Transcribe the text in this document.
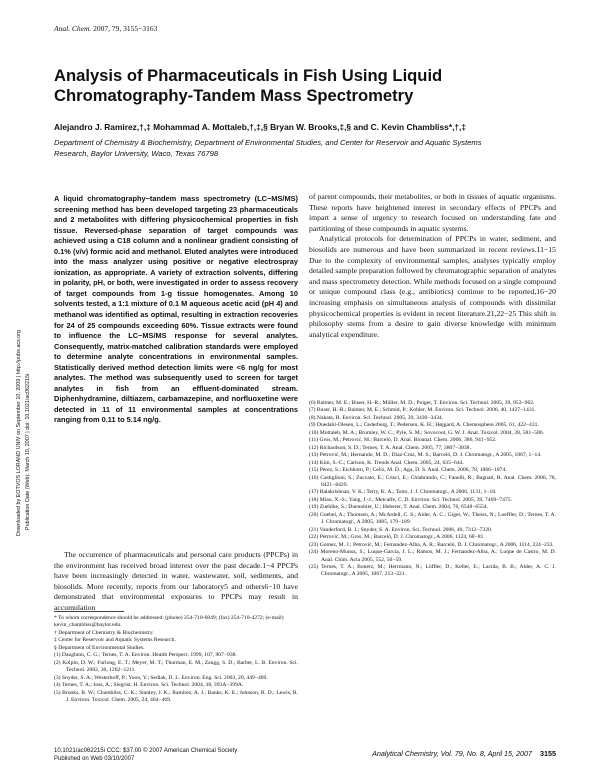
Anal. Chem. 2007, 79, 3155−3163
Analysis of Pharmaceuticals in Fish Using Liquid Chromatography-Tandem Mass Spectrometry
Alejandro J. Ramirez,†,‡ Mohammad A. Mottaleb,†,‡,§ Bryan W. Brooks,‡,§ and C. Kevin Chambliss*,†,‡
Department of Chemistry & Biochemistry, Department of Environmental Studies, and Center for Reservoir and Aquatic Systems Research, Baylor University, Waco, Texas 76798

A liquid chromatography−tandem mass spectrometry (LC−MS/MS) screening method has been developed targeting 23 pharmaceuticals and 2 metabolites with differing physicochemical properties in fish tissue. Reversed-phase separation of target compounds was achieved using a C18 column and a nonlinear gradient consisting of 0.1% (v/v) formic acid and methanol. Eluted analytes were introduced into the mass analyzer using positive or negative electrospray ionization, as appropriate. A variety of extraction solvents, differing in polarity, pH, or both, were investigated in order to assess recovery of target compounds from 1-g tissue homogenates. Among 10 solvents tested, a 1:1 mixture of 0.1 M aqueous acetic acid (pH 4) and methanol was identified as optimal, resulting in extraction recoveries for 24 of 25 compounds exceeding 60%. Tissue extracts were found to influence the LC−MS/MS response for several analytes. Consequently, matrix-matched calibration standards were employed to determine analyte concentrations in environmental samples. Statistically derived method detection limits were <6 ng/g for most analytes. The method was subsequently used to screen for target analytes in fish from an effluent-dominated stream. Diphenhydramine, diltiazem, carbamazepine, and norfluoxetine were detected in 11 of 11 environmental samples at concentrations ranging from 0.11 to 5.14 ng/g.

The occurrence of pharmaceuticals and personal care products (PPCPs) in the environment has received broad interest over the past decade.1−4 PPCPs have been increasingly detected in water, wastewater, soil, sediments, and biosolids. More recently, reports from our laboratory5 and others6−10 have demonstrated that environmental exposures to PPCPs may result in accumulation

* To whom correspondence should be addressed: (phone) 254-710-6849; (fax) 254-710-4272; (e-mail) kevin_chambliss@baylor.edu.

† Department of Chemistry & Biochemistry.

‡ Center for Reservoir and Aquatic Systems Research.

§ Department of Environmental Studies.

(1) Daughton, C. G.; Ternes, T. A. Environ. Health Perspect. 1999, 107, 907−938.
(2) Kolpin, D. W.; Furlong, E. T.; Meyer, M. T.; Thurman, E. M.; Zaugg, S. D.; Barber, L. B. Environ. Sci. Technol. 2002, 36, 1202−1211.
(3) Snyder, S. A.; Westerhoff, P.; Yoon, Y.; Sedlak, D. L. Environ. Eng. Sci. 2003, 20, 449−469.
(4) Ternes, T. A.; Joss, A.; Siegrist, H. Environ. Sci. Technol. 2004, 38, 393A−399A.
(5) Brooks, B. W.; Chambliss, C. K.; Stanley, J. K.; Ramirez, A. J.; Banks, K. E.; Johnson, R. D.; Lewis, R. J. Environ. Toxicol. Chem. 2005, 24, 464−469.

of parent compounds, their metabolites, or both in tissues of aquatic organisms. These reports have heightened interest in secondary effects of PPCPs and impart a sense of urgency to research focused on understanding fate and partitioning of these compounds in aquatic systems.

Analytical protocols for determination of PPCPs in water, sediment, and biosolids are numerous and have been summarized in recent reviews.11−15 Due to the complexity of environmental samples, analyses typically employ detailed sample preparation followed by chromatographic separation of analytes and mass spectrometry detection. While methods focused on a single compound or unique compound class (e.g., antibiotics) continue to be reported,16−20 increasing emphasis on simultaneous analysis of compounds with dissimilar physicochemical properties is evident in recent literature.21,22−25 This shift in philosophy stems from a desire to gain diverse knowledge with minimum analytical expenditure.

(6) Balmer, M. E.; Buser, H.-R.; Müller, M. D.; Poiger, T. Environ. Sci. Technol. 2005, 39, 953−962.
(7) Buser, H.-R.; Balmer, M. E.; Schmid, P.; Kohler, M. Environ. Sci. Technol. 2006, 40, 1427−1431.
(8) Nakata, H. Environ. Sci. Technol. 2005, 39, 3430−3434.
(9) Duedahl-Olesen, L.; Cederberg, T.; Pedersen, K. H.; Højgard, A. Chemosphere 2005, 61, 422−431.
(10) Mottaleb, M. A.; Brumley, W. C.; Pyle, S. M.; Sovocool, G. W. J. Anal. Toxicol. 2004, 28, 581−586.
(11) Gros, M.; Petrović, M.; Barceló, D. Anal. Bioanal. Chem. 2006, 386, 941−952.
(12) Richardson, S. D.; Ternes, T. A. Anal. Chem. 2005, 77, 3807−3838.
(13) Petrović, M.; Hernando, M. D.; Díaz-Cruz, M. S.; Barceló, D. J. Chromatogr., A 2005, 1067, 1−14.
(14) Kim, S.-C.; Carlson, K. Trends Anal. Chem. 2005, 24, 635−644.
(15) Perez, S.; Eichhorn, P.; Celiz, M. D.; Aga, D. S. Anal. Chem. 2006, 78, 1866−1874.
(16) Castiglioni, S.; Zuccato, E.; Crisci, E.; Chiabrando, C.; Fanelli, R.; Bagnati, R. Anal. Chem. 2006, 78, 8421−8429.
(17) Balakrishnan, V. K.; Terry, K. A.; Toito, J. J. Chromatogr., A 2006, 1131, 1−10.
(18) Miao, X.-S.; Yang, J.-J.; Metcalfe, C. D. Environ. Sci. Technol. 2005, 39, 7469−7475.
(19) Zuehlke, S.; Duennbier, U.; Heberer, T. Anal. Chem. 2004, 76, 6548−6554.
(20) Goebel, A.; Thomsen, A.; McArdell, C. S.; Alder, A. C.; Giger, W.; Theiss, N.; Loeffler, D.; Ternes, T. A. J. Chromatogr., A 2005, 1085, 179−189.
(21) Vanderford, B. J.; Snyder, S. A. Environ. Sci. Technol. 2006, 40, 7312−7320.
(22) Petrović, M.; Gros, M.; Barceló, D. J. Chromatogr., A 2006, 1124, 68−81.
(23) Gomez, M. J.; Petrović, M.; Fernandez-Alba, A. R.; Barceló, D. J. Chromatogr., A 2006, 1114, 224−233.
(24) Moreno-Munoz, S.; Luque-Garcia, J. L.; Ramos, M. J.; Fernandez-Alba, A.; Luque de Castro, M. D. Anal. Chim. Acta 2005, 552, 50−59.
(25) Ternes, T. A.; Bonerz, M.; Herrmann, N.; Löffler, D.; Keller, E.; Lacida, B. B.; Alder, A. C. J. Chromatogr., A 2005, 1067, 213−221.
Downloaded by EOTVOS LORAND UNIV on September 10, 2009 | http://pubs.acs.org Publication Date (Web): March 10, 2007 | doi: 10.1021/ac062215i
10.1021/ac062215i CCC: $37.00 © 2007 American Chemical Society
Published on Web 03/10/2007
Analytical Chemistry, Vol. 79, No. 8, April 15, 2007 3155
